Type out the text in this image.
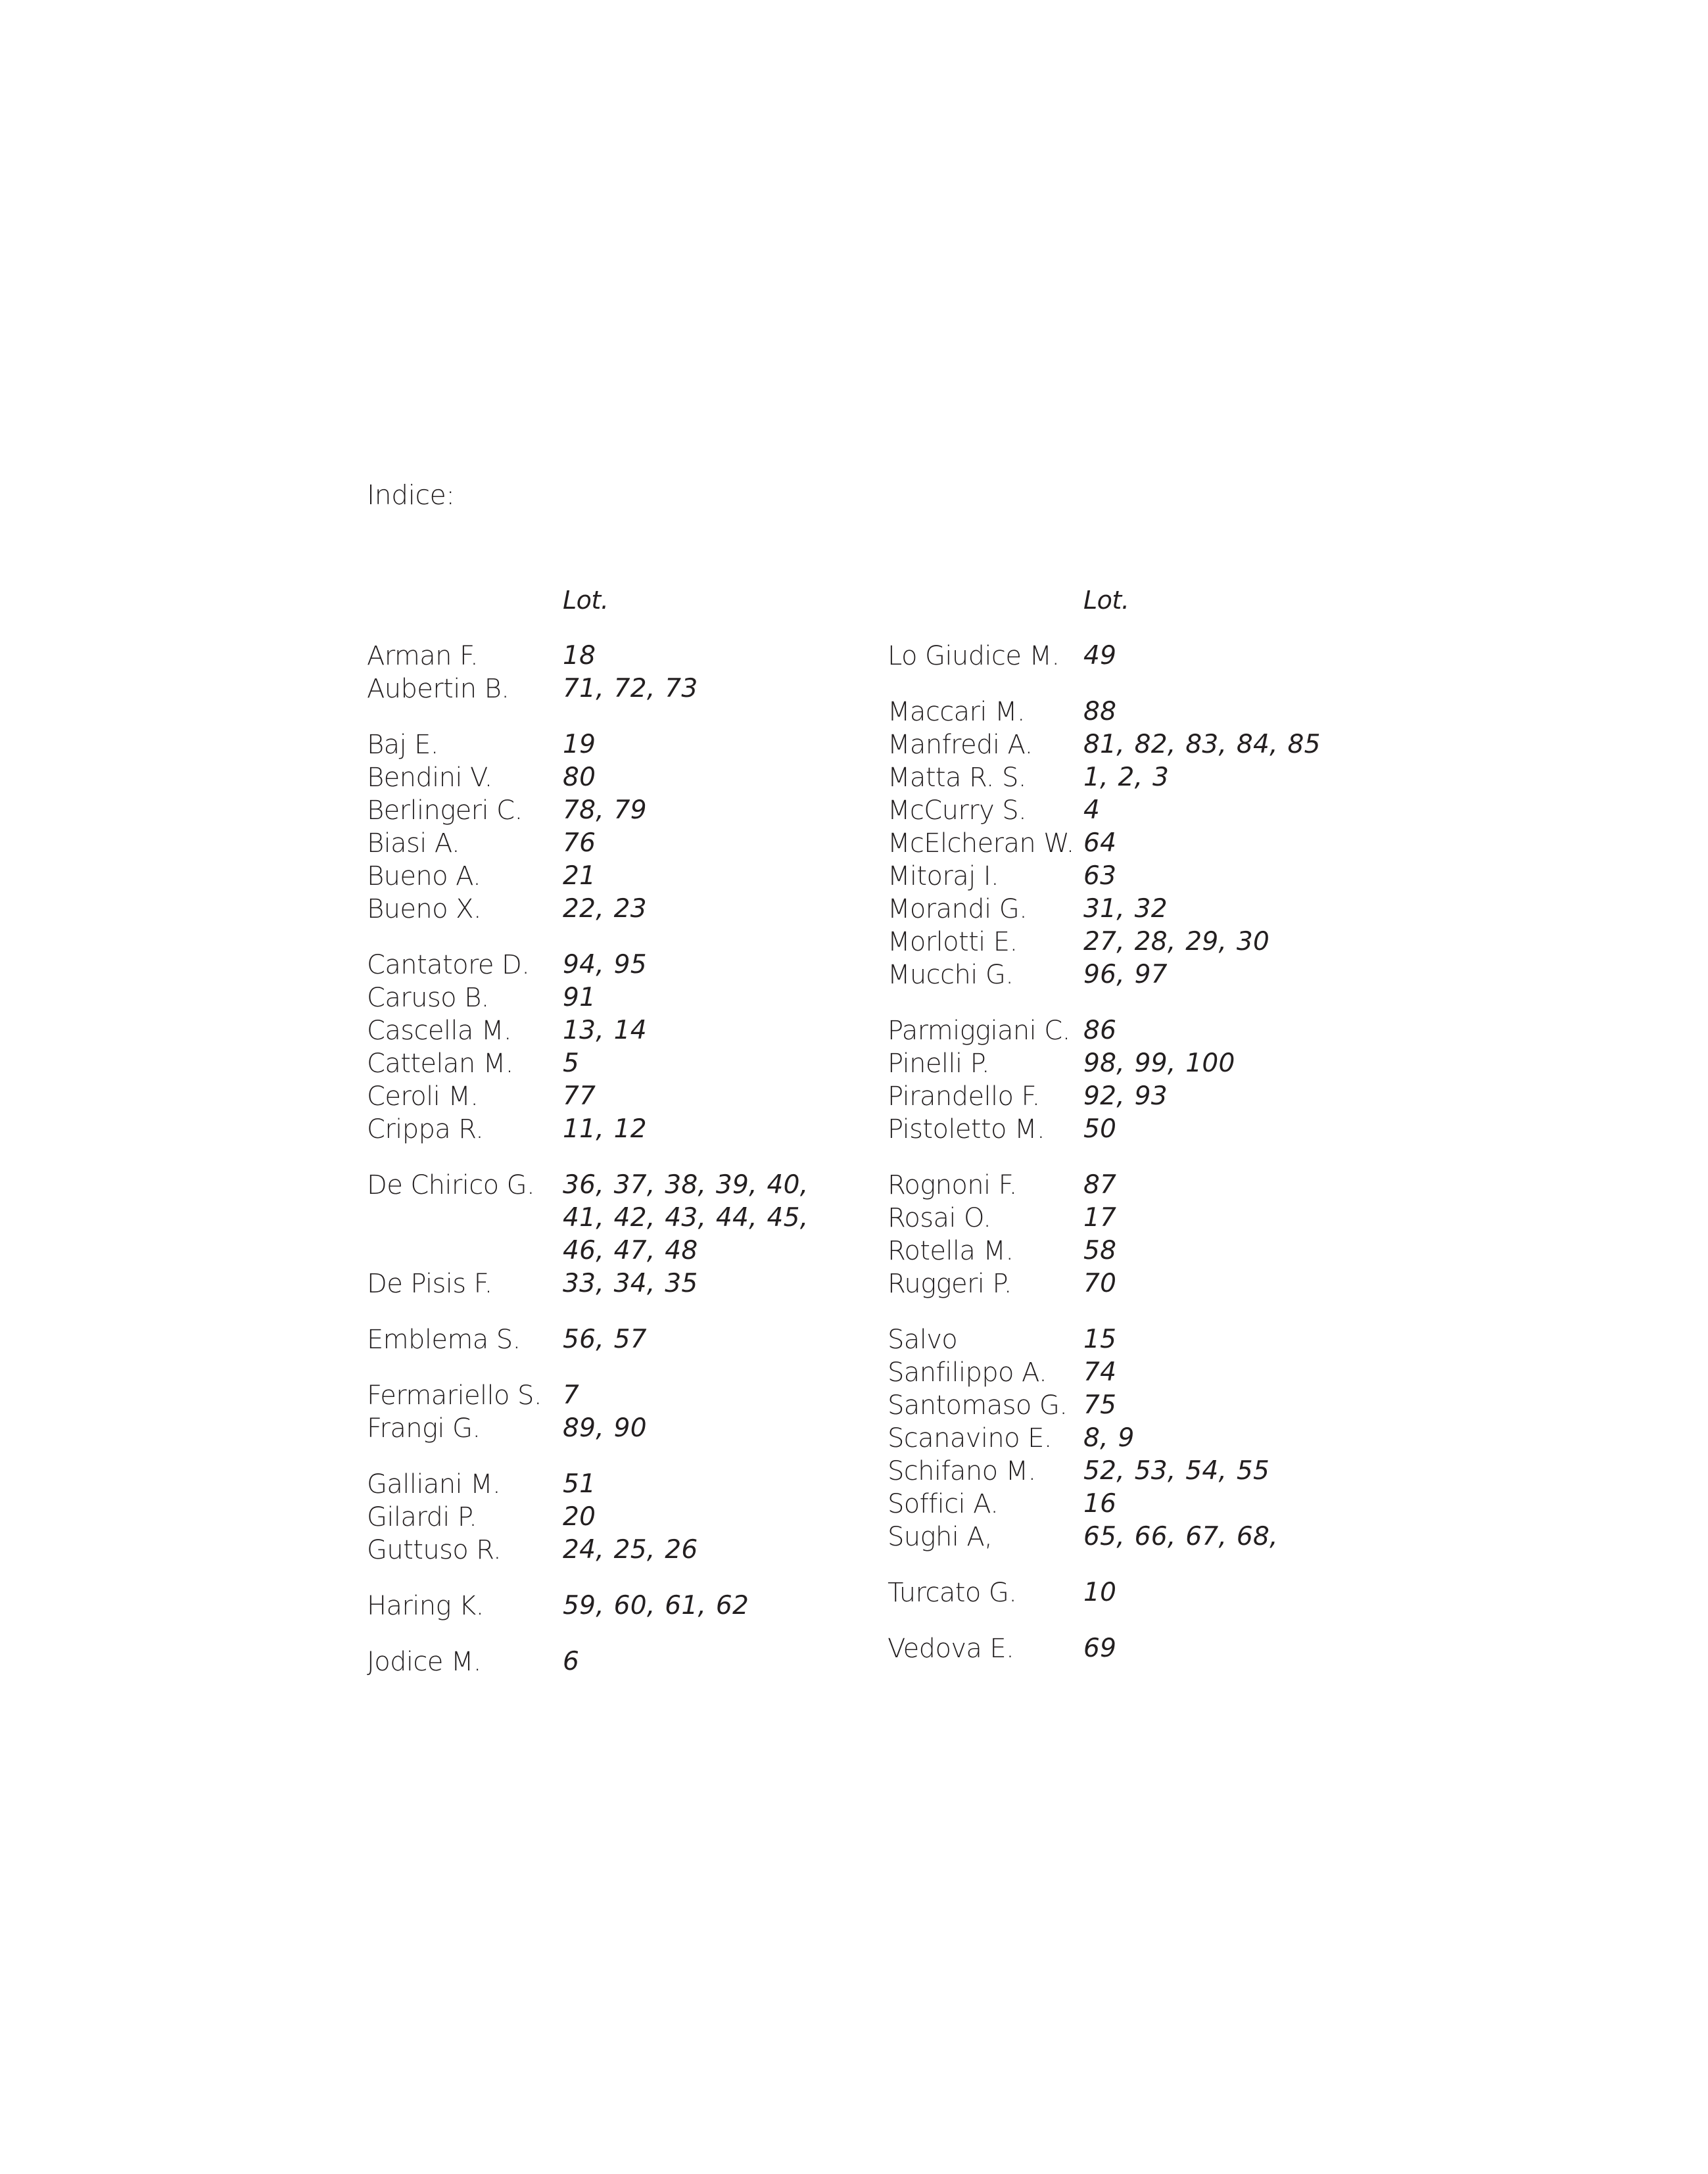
Indice:
Lot.
Arman F.	18
Aubertin B.	71, 72, 73
Baj E.	19
Bendini V.	80
Berlingeri C.	78, 79
Biasi A.	76
Bueno A.	21
Bueno X.	22, 23
Cantatore D.	94, 95
Caruso B.	91
Cascella M.	13, 14
Cattelan M.	5
Ceroli M.	77
Crippa R.	11, 12
De Chirico G.	36, 37, 38, 39, 40, 41, 42, 43, 44, 45, 46, 47, 48
De Pisis F.	33, 34, 35
Emblema S.	56, 57
Fermariello S. 7
Frangi G.	89, 90
Galliani M.	51
Gilardi P.	20
Guttuso R.	24, 25, 26
Haring K.	59, 60, 61, 62
Jodice M.	6
Lot.
Lo Giudice M. 49
Maccari M.	88
Manfredi A.	81, 82, 83, 84, 85
Matta R. S.	1, 2, 3
McCurry S.	4
McElcheran W. 64
Mitoraj I.	63
Morandi G.	31, 32
Morlotti E.	27, 28, 29, 30
Mucchi G.	96, 97
Parmiggiani C. 86
Pinelli P.	98, 99, 100
Pirandello F.	92, 93
Pistoletto M.	50
Rognoni F.	87
Rosai O.	17
Rotella M.	58
Ruggeri P.	70
Salvo	15
Sanfilippo A.	74
Santomaso G. 75
Scanavino E.	8, 9
Schifano M.	52, 53, 54, 55
Soffici A.	16
Sughi A,	65, 66, 67, 68,
Turcato G.	10
Vedova E.	69
